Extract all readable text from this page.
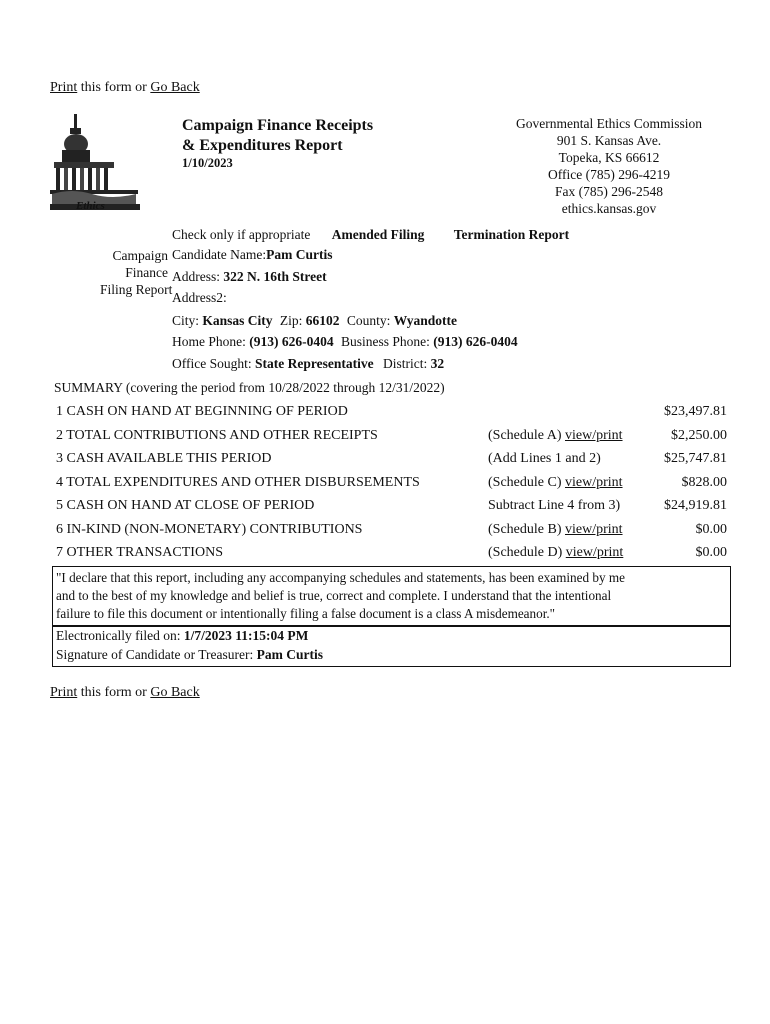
Print this form or Go Back
Ethics
Campaign Finance Receipts
& Expenditures Report
1/10/2023
Governmental Ethics Commission
901 S. Kansas Ave.
Topeka, KS 66612
Office (785) 296-4219
Fax (785) 296-2548
ethics.kansas.gov
Check only if appropriate Amended Filing Termination Report
Campaign
Finance
Filing Report
Candidate Name:Pam Curtis
Address: 322 N. 16th Street
Address2:
City: Kansas City Zip: 66102 County: Wyandotte
Home Phone: (913) 626-0404 Business Phone: (913) 626-0404
Office Sought: State Representative District: 32
SUMMARY (covering the period from 10/28/2022 through 12/31/2022)
1 CASH ON HAND AT BEGINNING OF PERIOD	$23,497.81
2 TOTAL CONTRIBUTIONS AND OTHER RECEIPTS	(Schedule A) view/print	$2,250.00
3 CASH AVAILABLE THIS PERIOD	(Add Lines 1 and 2)	$25,747.81
4 TOTAL EXPENDITURES AND OTHER DISBURSEMENTS	(Schedule C) view/print	$828.00
5 CASH ON HAND AT CLOSE OF PERIOD	Subtract Line 4 from 3)	$24,919.81
6 IN-KIND (NON-MONETARY) CONTRIBUTIONS	(Schedule B) view/print	$0.00
7 OTHER TRANSACTIONS	(Schedule D) view/print	$0.00
"I declare that this report, including any accompanying schedules and statements, has been examined by me
and to the best of my knowledge and belief is true, correct and complete. I understand that the intentional
failure to file this document or intentionally filing a false document is a class A misdemeanor."
Electronically filed on: 1/7/2023 11:15:04 PM
Signature of Candidate or Treasurer: Pam Curtis
Print this form or Go Back
